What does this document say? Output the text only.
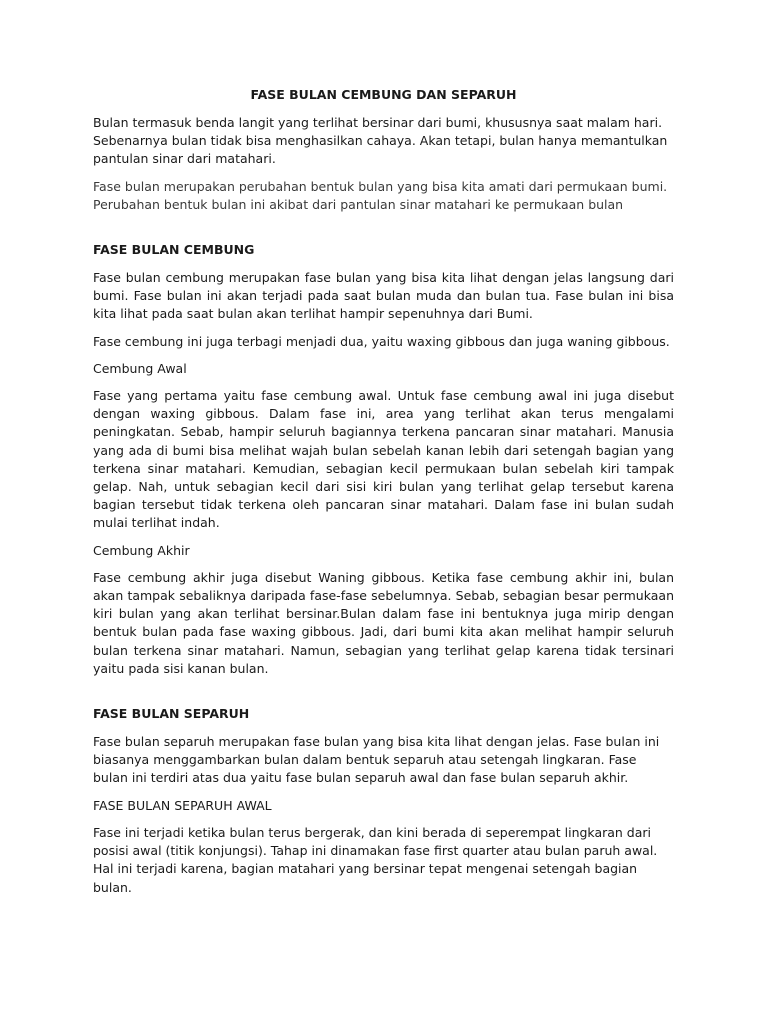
FASE BULAN CEMBUNG DAN SEPARUH

Bulan termasuk benda langit yang terlihat bersinar dari bumi, khususnya saat malam hari. Sebenarnya bulan tidak bisa menghasilkan cahaya. Akan tetapi, bulan hanya memantulkan pantulan sinar dari matahari.

Fase bulan merupakan perubahan bentuk bulan yang bisa kita amati dari permukaan bumi. Perubahan bentuk bulan ini akibat dari pantulan sinar matahari ke permukaan bulan

FASE BULAN CEMBUNG

Fase bulan cembung merupakan fase bulan yang bisa kita lihat dengan jelas langsung dari bumi. Fase bulan ini akan terjadi pada saat bulan muda dan bulan tua. Fase bulan ini bisa kita lihat pada saat bulan akan terlihat hampir sepenuhnya dari Bumi.

Fase cembung ini juga terbagi menjadi dua, yaitu waxing gibbous dan juga waning gibbous.

Cembung Awal

Fase yang pertama yaitu fase cembung awal. Untuk fase cembung awal ini juga disebut dengan waxing gibbous. Dalam fase ini, area yang terlihat akan terus mengalami peningkatan. Sebab, hampir seluruh bagiannya terkena pancaran sinar matahari. Manusia yang ada di bumi bisa melihat wajah bulan sebelah kanan lebih dari setengah bagian yang terkena sinar matahari. Kemudian, sebagian kecil permukaan bulan sebelah kiri tampak gelap. Nah, untuk sebagian kecil dari sisi kiri bulan yang terlihat gelap tersebut karena bagian tersebut tidak terkena oleh pancaran sinar matahari. Dalam fase ini bulan sudah mulai terlihat indah.

Cembung Akhir

Fase cembung akhir juga disebut Waning gibbous. Ketika fase cembung akhir ini, bulan akan tampak sebaliknya daripada fase-fase sebelumnya. Sebab, sebagian besar permukaan kiri bulan yang akan terlihat bersinar.Bulan dalam fase ini bentuknya juga mirip dengan bentuk bulan pada fase waxing gibbous. Jadi, dari bumi kita akan melihat hampir seluruh bulan terkena sinar matahari. Namun, sebagian yang terlihat gelap karena tidak tersinari yaitu pada sisi kanan bulan.

FASE BULAN SEPARUH

Fase bulan separuh merupakan fase bulan yang bisa kita lihat dengan jelas. Fase bulan ini biasanya menggambarkan bulan dalam bentuk separuh atau setengah lingkaran. Fase bulan ini terdiri atas dua yaitu fase bulan separuh awal dan fase bulan separuh akhir.

FASE BULAN SEPARUH AWAL

Fase ini terjadi ketika bulan terus bergerak, dan kini berada di seperempat lingkaran dari posisi awal (titik konjungsi). Tahap ini dinamakan fase first quarter atau bulan paruh awal. Hal ini terjadi karena, bagian matahari yang bersinar tepat mengenai setengah bagian bulan.
